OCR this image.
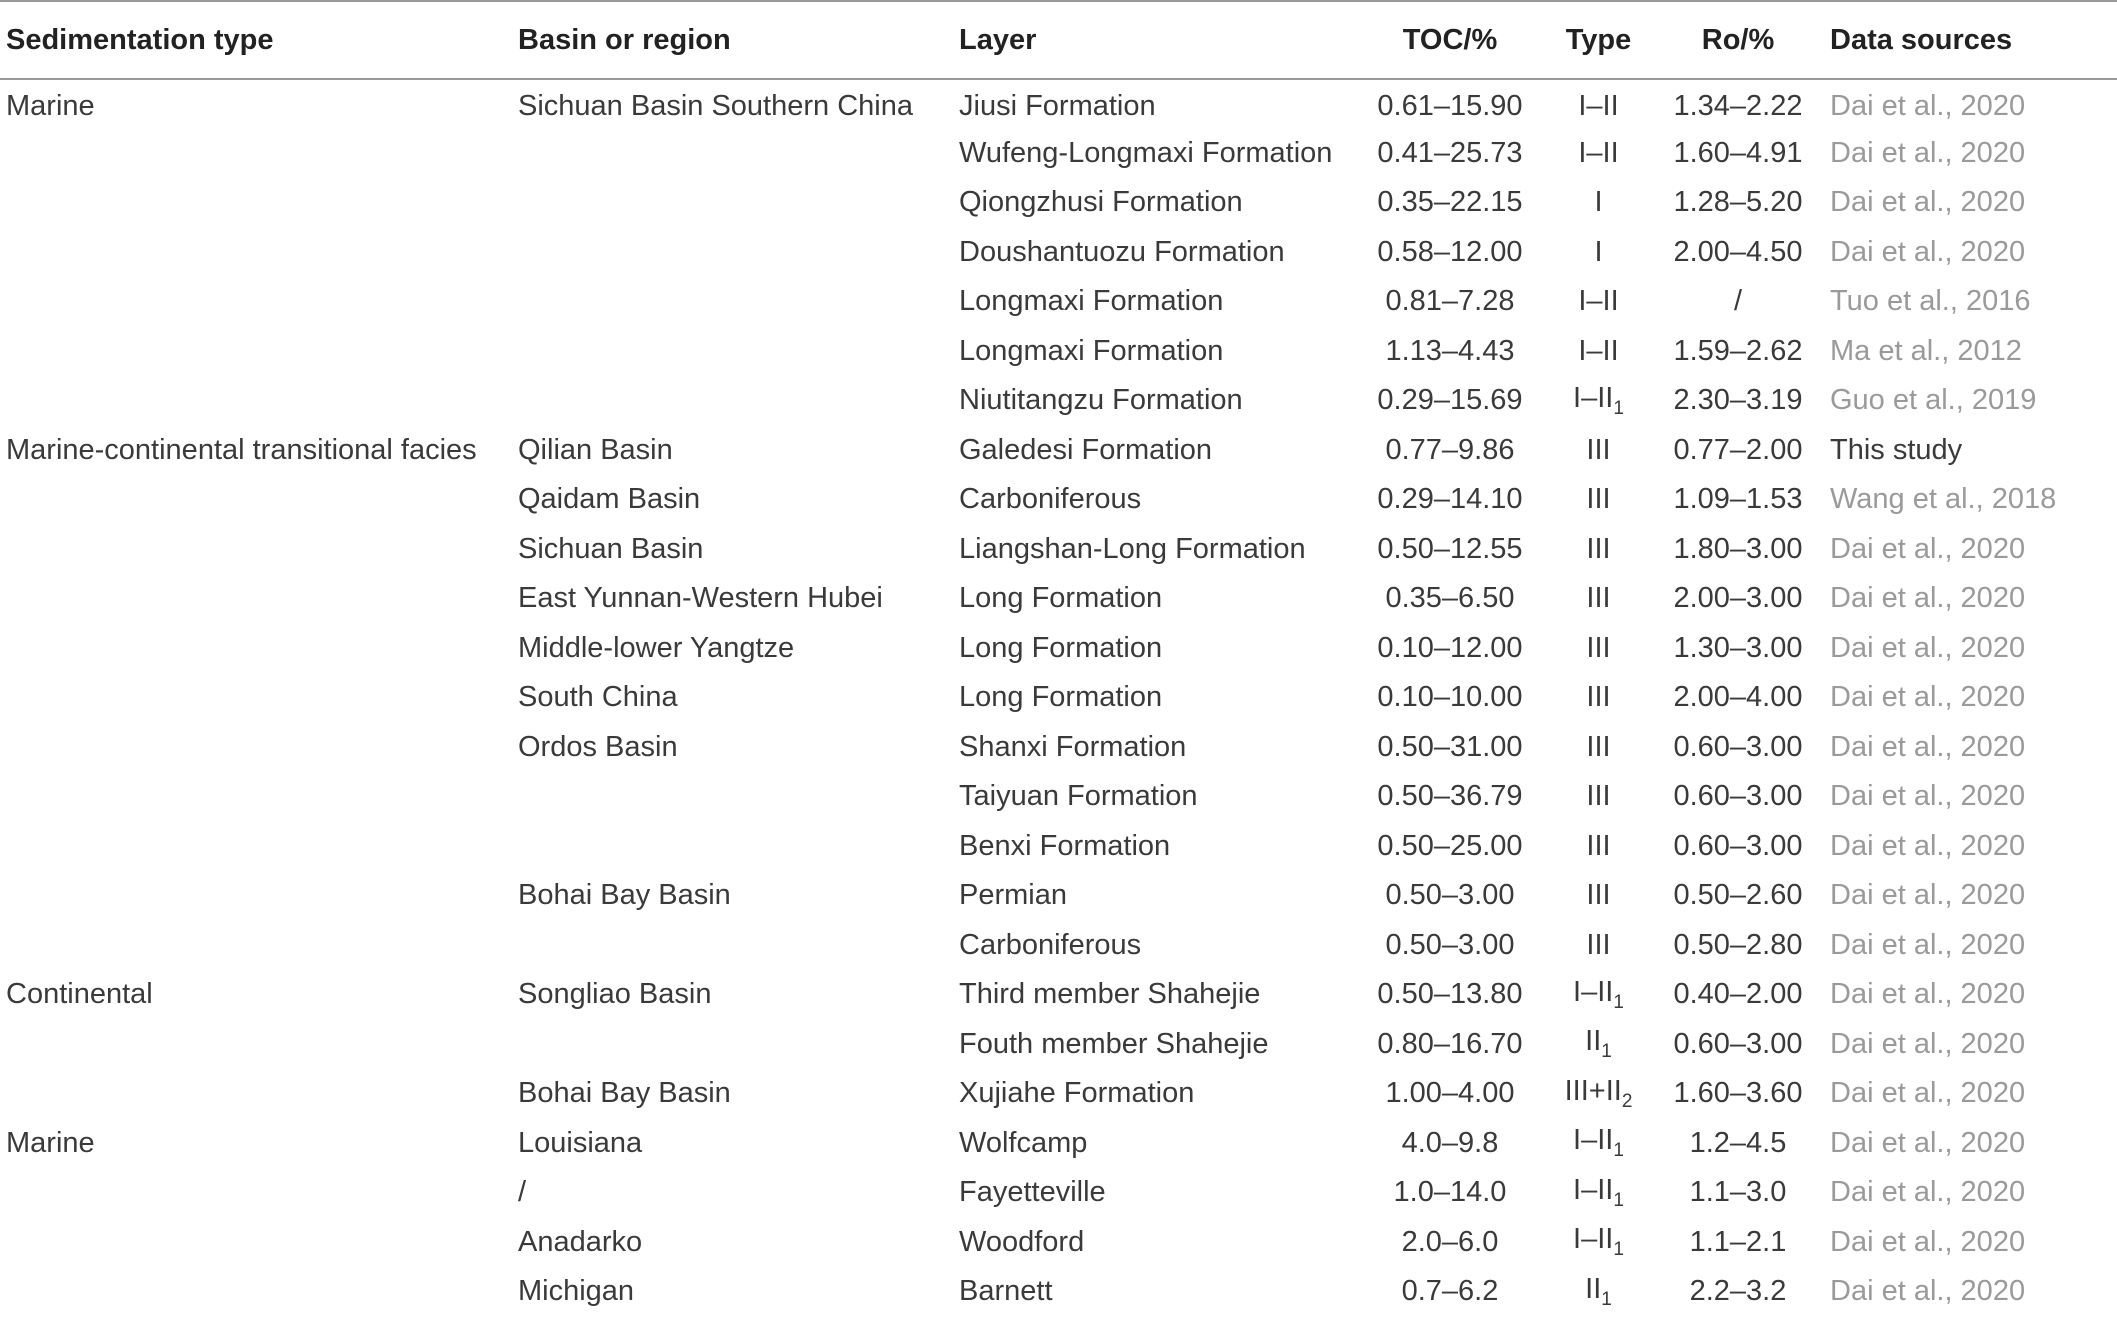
Sedimentation type	Basin or region	Layer	TOC/%	Type	Ro/%	Data sources
Marine	Sichuan Basin Southern China	Jiusi Formation	0.61–15.90	I–II	1.34–2.22	Dai et al., 2020
		Wufeng-Longmaxi Formation	0.41–25.73	I–II	1.60–4.91	Dai et al., 2020
		Qiongzhusi Formation	0.35–22.15	I	1.28–5.20	Dai et al., 2020
		Doushantuozu Formation	0.58–12.00	I	2.00–4.50	Dai et al., 2020
		Longmaxi Formation	0.81–7.28	I–II	/	Tuo et al., 2016
		Longmaxi Formation	1.13–4.43	I–II	1.59–2.62	Ma et al., 2012
		Niutitangzu Formation	0.29–15.69	$I-II_1$	2.30–3.19	Guo et al., 2019
Marine-continental transitional facies	Qilian Basin	Galedesi Formation	0.77–9.86	III	0.77–2.00	This study
	Qaidam Basin	Carboniferous	0.29–14.10	III	1.09–1.53	Wang et al., 2018
	Sichuan Basin	Liangshan-Long Formation	0.50–12.55	III	1.80–3.00	Dai et al., 2020
	East Yunnan-Western Hubei	Long Formation	0.35–6.50	III	2.00–3.00	Dai et al., 2020
	Middle-lower Yangtze	Long Formation	0.10–12.00	III	1.30–3.00	Dai et al., 2020
	South China	Long Formation	0.10–10.00	III	2.00–4.00	Dai et al., 2020
	Ordos Basin	Shanxi Formation	0.50–31.00	III	0.60–3.00	Dai et al., 2020
		Taiyuan Formation	0.50–36.79	III	0.60–3.00	Dai et al., 2020
		Benxi Formation	0.50–25.00	III	0.60–3.00	Dai et al., 2020
	Bohai Bay Basin	Permian	0.50–3.00	III	0.50–2.60	Dai et al., 2020
		Carboniferous	0.50–3.00	III	0.50–2.80	Dai et al., 2020
Continental	Songliao Basin	Third member Shahejie	0.50–13.80	$I-II_1$	0.40–2.00	Dai et al., 2020
		Fouth member Shahejie	0.80–16.70	$II_1$	0.60–3.00	Dai et al., 2020
	Bohai Bay Basin	Xujiahe Formation	1.00–4.00	$III+II_2$	1.60–3.60	Dai et al., 2020
Marine	Louisiana	Wolfcamp	4.0–9.8	$I-II_1$	1.2–4.5	Dai et al., 2020
	/	Fayetteville	1.0–14.0	$I-II_1$	1.1–3.0	Dai et al., 2020
	Anadarko	Woodford	2.0–6.0	$I-II_1$	1.1–2.1	Dai et al., 2020
	Michigan	Barnett	0.7–6.2	$II_1$	2.2–3.2	Dai et al., 2020
